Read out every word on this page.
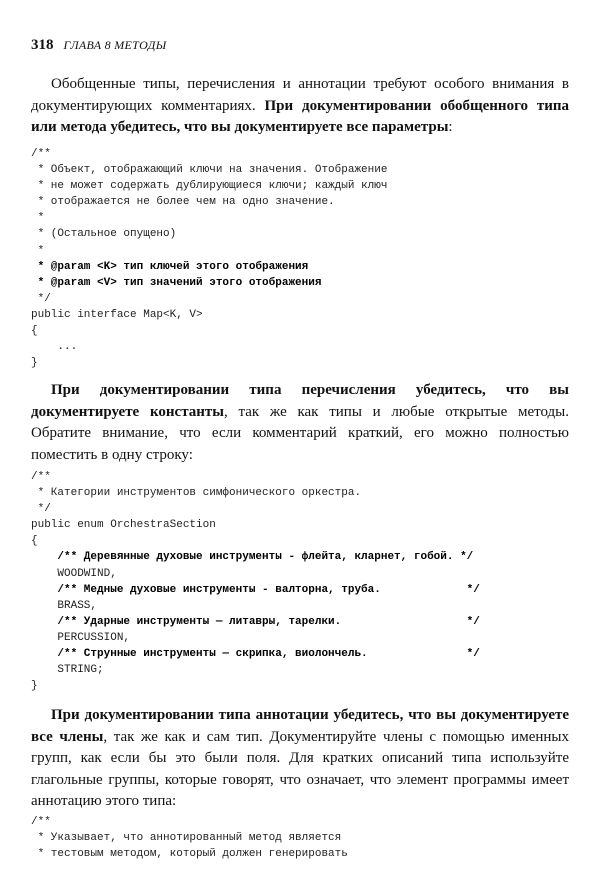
318 ГЛАВА 8 МЕТОДЫ

Обобщенные типы, перечисления и аннотации требуют особого внимания в документирующих комментариях. При документировании обобщенного типа или метода убедитесь, что вы документируете все параметры:

/**
* Объект, отображающий ключи на значения. Отображение
* не может содержать дублирующиеся ключи; каждый ключ
* отображается не более чем на одно значение.
*
* (Остальное опущено)
*
* @param <K> тип ключей этого отображения
* @param <V> тип значений этого отображения
*/
public interface Map<K, V>
{
...
}

При документировании типа перечисления убедитесь, что вы документируете константы, так же как типы и любые открытые методы. Обратите внимание, что если комментарий краткий, его можно полностью поместить в одну строку:

/**
* Категории инструментов симфонического оркестра.
*/
public enum OrchestraSection
{
/** Деревянные духовые инструменты - флейта, кларнет, гобой. */
WOODWIND,
/** Медные духовые инструменты - валторна, труба.             */
BRASS,
/** Ударные инструменты — литавры, тарелки.                   */
PERCUSSION,
/** Струнные инструменты — скрипка, виолончель.               */
STRING;
}

При документировании типа аннотации убедитесь, что вы документируете все члены, так же как и сам тип. Документируйте члены с помощью именных групп, как если бы это были поля. Для кратких описаний типа используйте глагольные группы, которые говорят, что означает, что элемент программы имеет аннотацию этого типа:

/**
* Указывает, что аннотированный метод является
* тестовым методом, который должен генерировать
